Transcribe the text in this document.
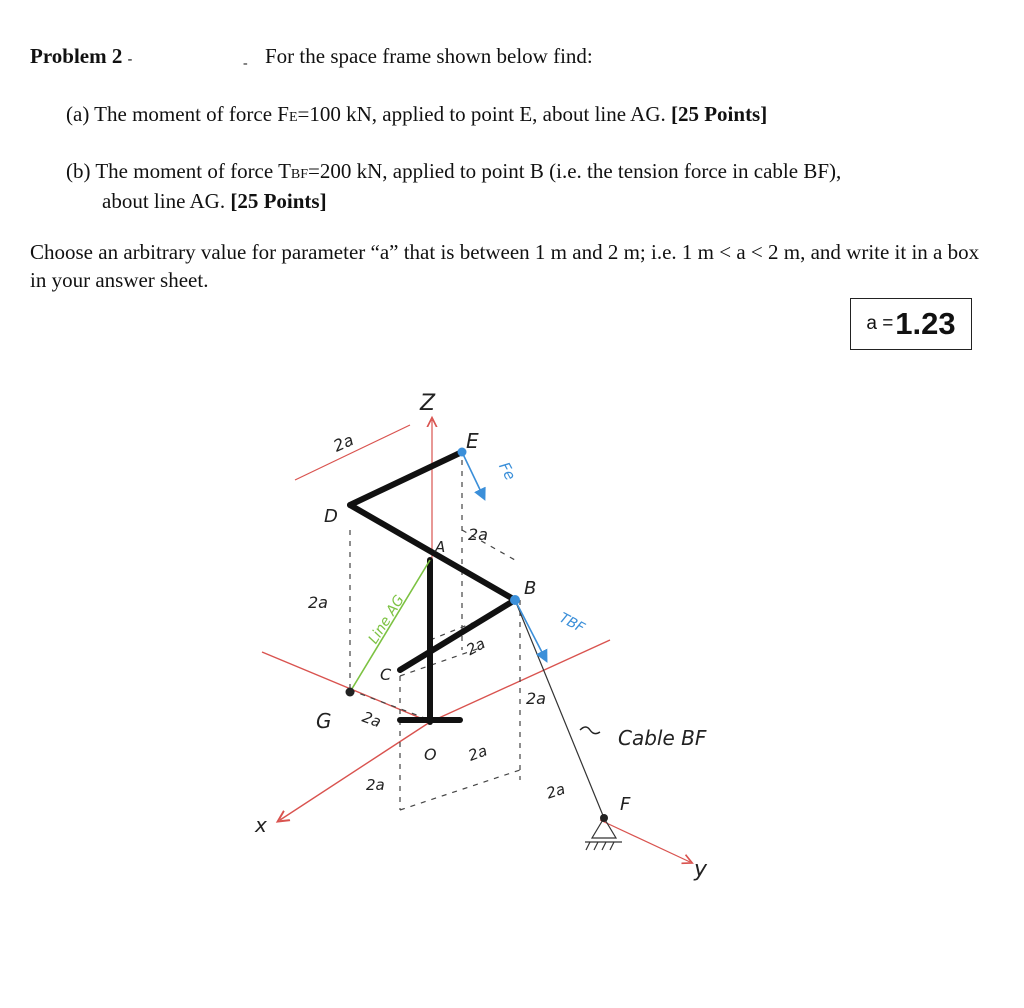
Problem 2 -	- For the space frame shown below find:
(a) The moment of force FE=100 kN, applied to point E, about line AG. [25 Points]
(b) The moment of force TBF=200 kN, applied to point B (i.e. the tension force in cable BF),
about line AG. [25 Points]
Choose an arbitrary value for parameter “a” that is between 1 m and 2 m; i.e. 1 m < a < 2 m, and write it in a box in your answer sheet.
a = 1.23
Z
x
y
E
D
A
B
C
G
O
F
Fe
TBF
Line AG
Cable BF
2a
2a
2a
2a
2a
2a
2a
2a	2a
